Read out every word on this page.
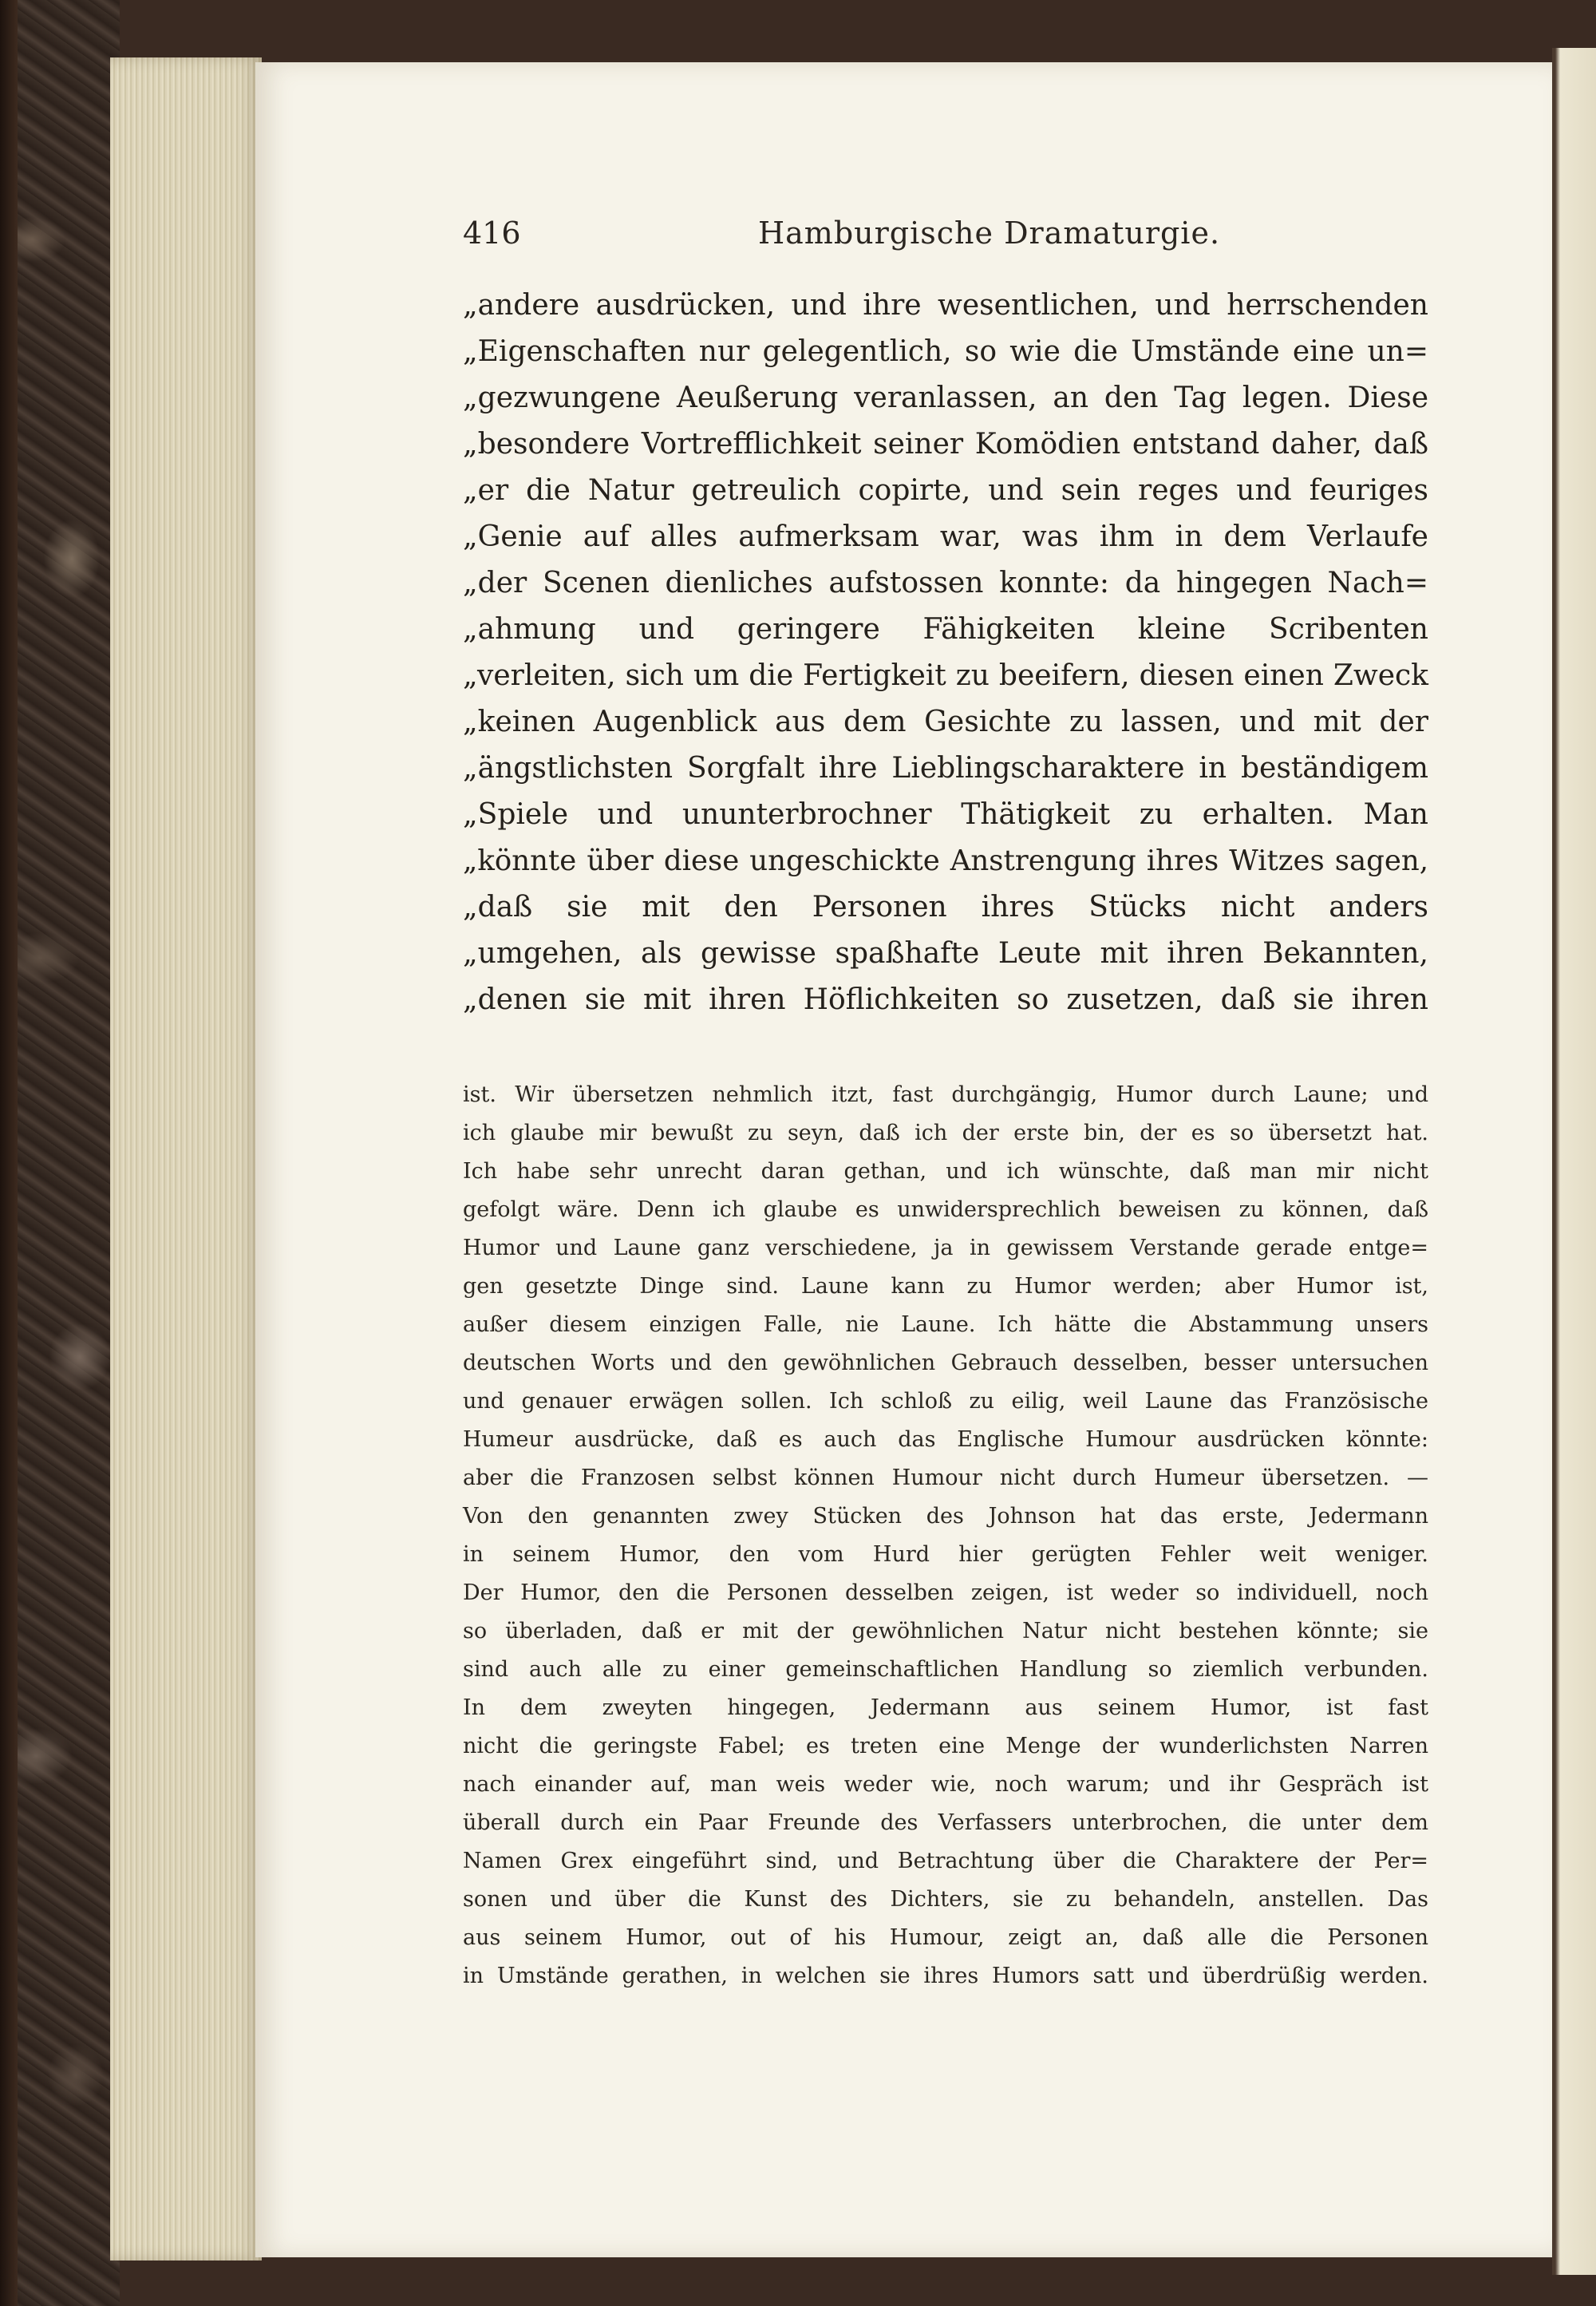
416	Hamburgische Dramaturgie.
„andere ausdrücken, und ihre wesentlichen, und herrschenden
„Eigenschaften nur gelegentlich, so wie die Umstände eine un=
„gezwungene Aeußerung veranlassen, an den Tag legen. Diese
„besondere Vortrefflichkeit seiner Komödien entstand daher, daß
„er die Natur getreulich copirte, und sein reges und feuriges
„Genie auf alles aufmerksam war, was ihm in dem Verlaufe
„der Scenen dienliches aufstossen konnte: da hingegen Nach=
„ahmung und geringere Fähigkeiten kleine Scribenten
„verleiten, sich um die Fertigkeit zu beeifern, diesen einen Zweck
„keinen Augenblick aus dem Gesichte zu lassen, und mit der
„ängstlichsten Sorgfalt ihre Lieblingscharaktere in beständigem
„Spiele und ununterbrochner Thätigkeit zu erhalten. Man
„könnte über diese ungeschickte Anstrengung ihres Witzes sagen,
„daß sie mit den Personen ihres Stücks nicht anders
„umgehen, als gewisse spaßhafte Leute mit ihren Bekannten,
„denen sie mit ihren Höflichkeiten so zusetzen, daß sie ihren
ist. Wir übersetzen nehmlich itzt, fast durchgängig, Humor durch Laune; und
ich glaube mir bewußt zu seyn, daß ich der erste bin, der es so übersetzt hat.
Ich habe sehr unrecht daran gethan, und ich wünschte, daß man mir nicht
gefolgt wäre. Denn ich glaube es unwidersprechlich beweisen zu können, daß
Humor und Laune ganz verschiedene, ja in gewissem Verstande gerade entge=
gen gesetzte Dinge sind. Laune kann zu Humor werden; aber Humor ist,
außer diesem einzigen Falle, nie Laune. Ich hätte die Abstammung unsers
deutschen Worts und den gewöhnlichen Gebrauch desselben, besser untersuchen
und genauer erwägen sollen. Ich schloß zu eilig, weil Laune das Französische
Humeur ausdrücke, daß es auch das Englische Humour ausdrücken könnte:
aber die Franzosen selbst können Humour nicht durch Humeur übersetzen. —
Von den genannten zwey Stücken des Johnson hat das erste, Jedermann
in seinem Humor, den vom Hurd hier gerügten Fehler weit weniger.
Der Humor, den die Personen desselben zeigen, ist weder so individuell, noch
so überladen, daß er mit der gewöhnlichen Natur nicht bestehen könnte; sie
sind auch alle zu einer gemeinschaftlichen Handlung so ziemlich verbunden.
In dem zweyten hingegen, Jedermann aus seinem Humor, ist fast
nicht die geringste Fabel; es treten eine Menge der wunderlichsten Narren
nach einander auf, man weis weder wie, noch warum; und ihr Gespräch ist
überall durch ein Paar Freunde des Verfassers unterbrochen, die unter dem
Namen Grex eingeführt sind, und Betrachtung über die Charaktere der Per=
sonen und über die Kunst des Dichters, sie zu behandeln, anstellen. Das
aus seinem Humor, out of his Humour, zeigt an, daß alle die Personen
in Umstände gerathen, in welchen sie ihres Humors satt und überdrüßig werden.
